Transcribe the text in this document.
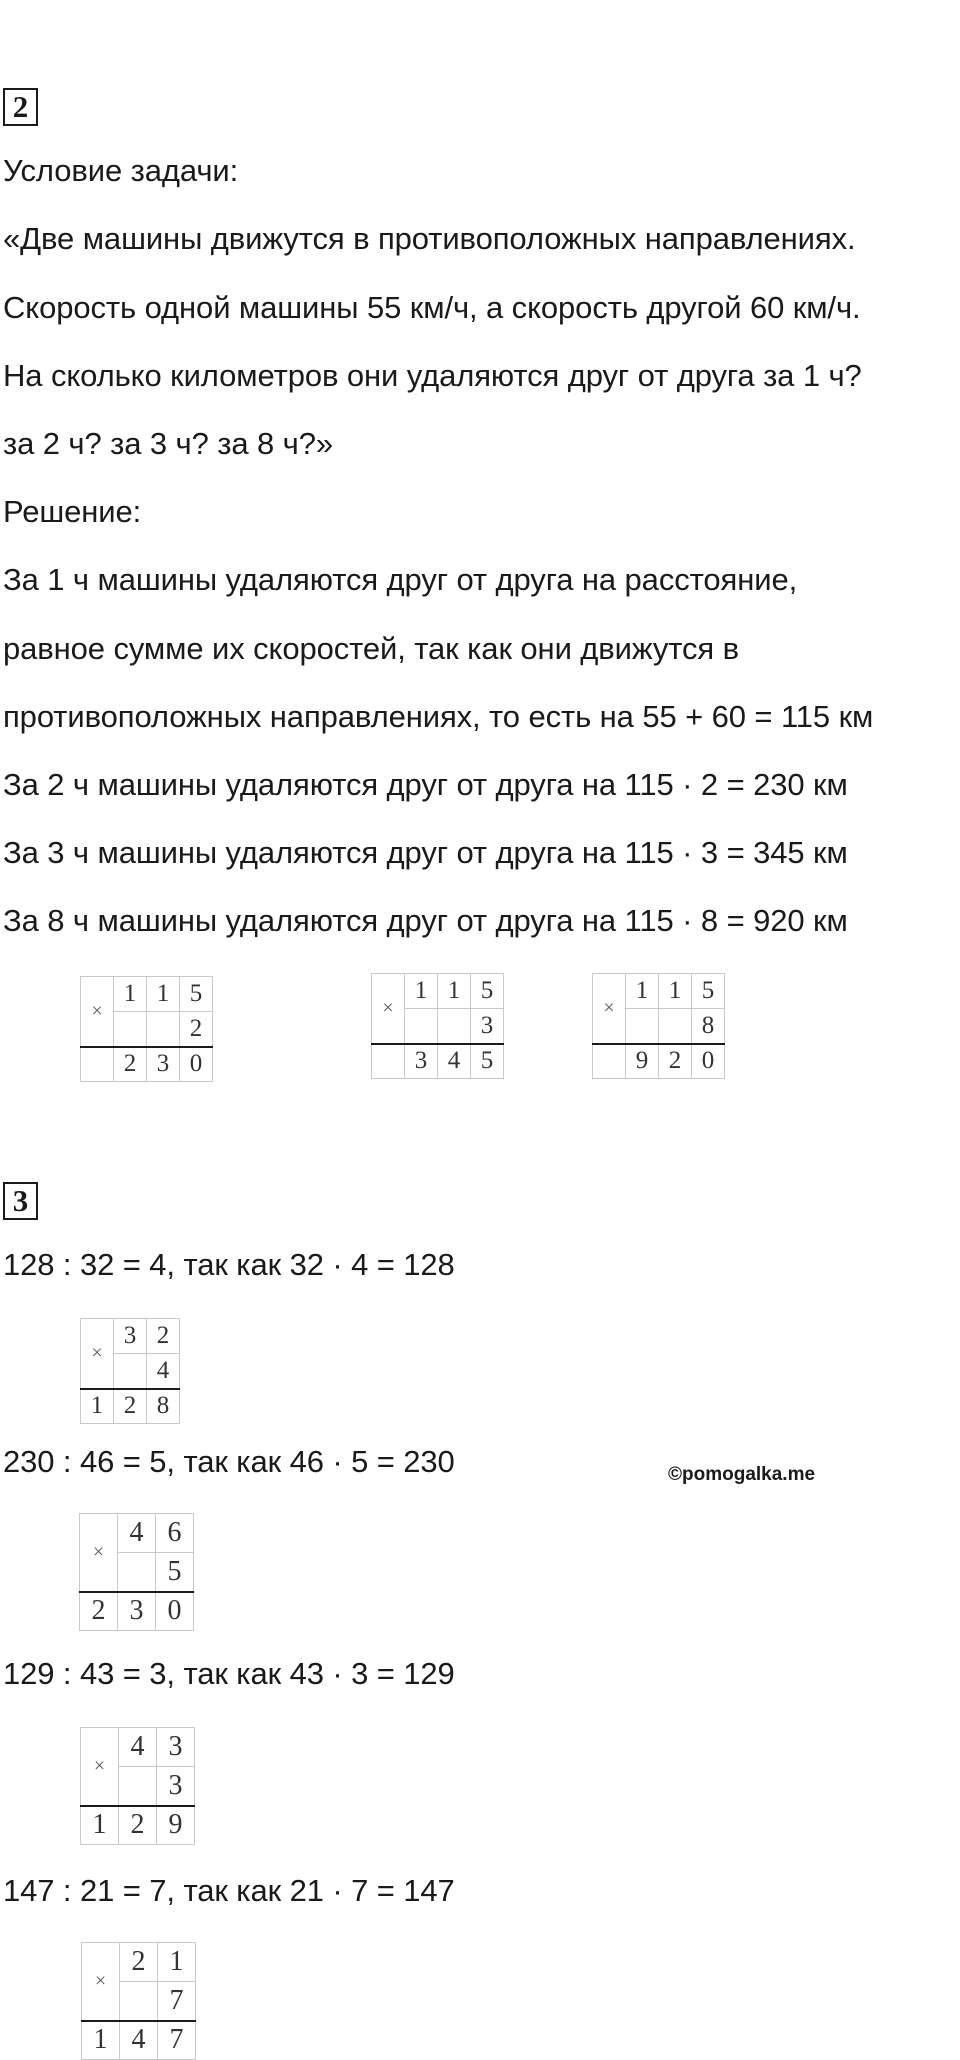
2
Условие задачи:
«Две машины движутся в противоположных направлениях.
Скорость одной машины 55 км/ч, а скорость другой 60 км/ч.
На сколько километров они удаляются друг от друга за 1 ч?
за 2 ч? за 3 ч? за 8 ч?»
Решение:
За 1 ч машины удаляются друг от друга на расстояние,
равное сумме их скоростей, так как они движутся в
противоположных направлениях, то есть на 55 + 60 = 115 км
За 2 ч машины удаляются друг от друга на 115 · 2 = 230 км
За 3 ч машины удаляются друг от друга на 115 · 3 = 345 км
За 8 ч машины удаляются друг от друга на 115 · 8 = 920 км
×	1	1	5
			2
	2	3	0
×	1	1	5
			3
	3	4	5
×	1	1	5
			8
	9	2	0
3
128 : 32 = 4, так как 32 · 4 = 128
×	3	2
		4
1	2	8
230 : 46 = 5, так как 46 · 5 = 230	©pomogalka.me
×	4	6
		5
2	3	0
129 : 43 = 3, так как 43 · 3 = 129
×	4	3
		3
1	2	9
147 : 21 = 7, так как 21 · 7 = 147
×	2	1
		7
1	4	7
